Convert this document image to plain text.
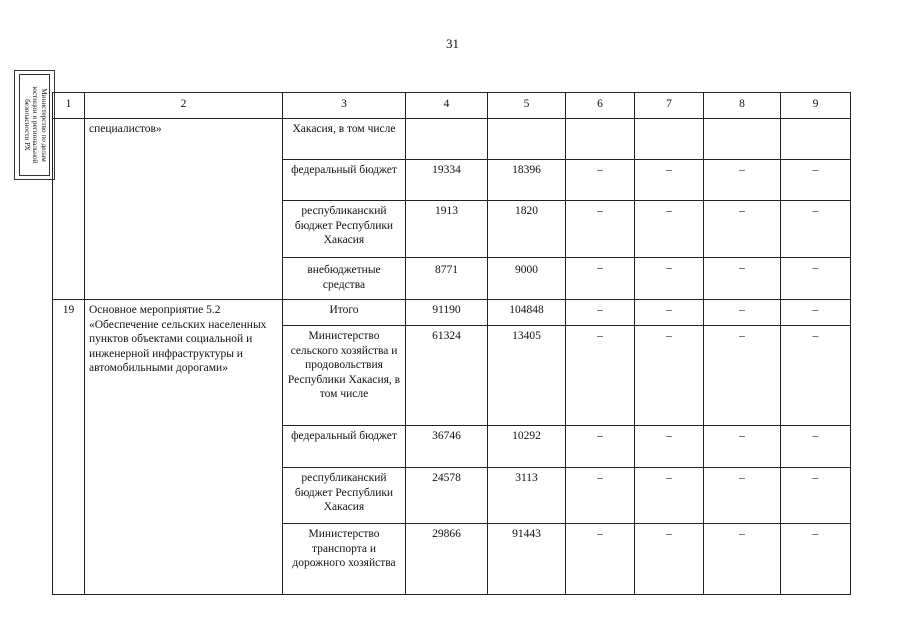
31
Министерство по делам
юстиции и региональной
безопасности РХ	1	2	3	4	5	6	7	8	9
	специалистов»	Хакасия, в том числе						
		федеральный бюджет	19334	18396	–	–	–	–
		республиканский бюджет Республики Хакасия	1913	1820	–	–	–	–
		внебюджетные средства	8771	9000	–	–	–	–
19	Основное мероприятие 5.2 «Обеспечение сельских населенных пунктов объектами социальной и инженерной инфраструктуры и автомобильными дорогами»	Итого	91190	104848	–	–	–	–
		Министерство сельского хозяйства и продовольствия Республики Хакасия, в том числе	61324	13405	–	–	–	–
		федеральный бюджет	36746	10292	–	–	–	–
		республиканский бюджет Республики Хакасия	24578	3113	–	–	–	–
		Министерство транспорта и дорожного хозяйства	29866	91443	–	–	–	–
